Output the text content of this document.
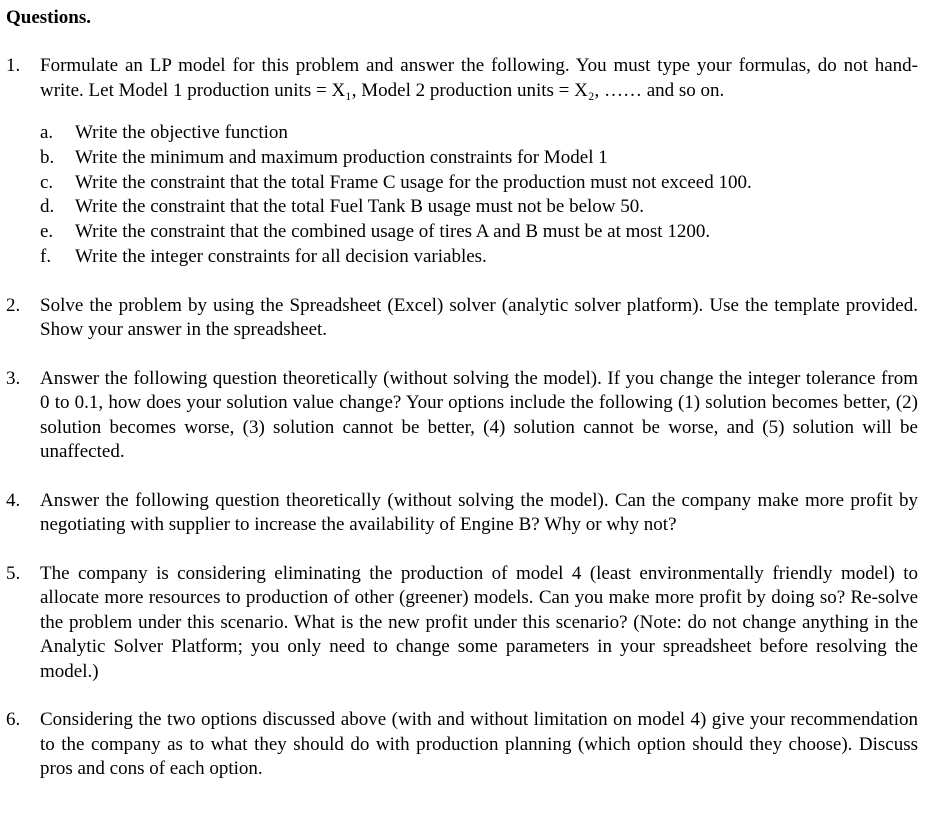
Questions.
1. Formulate an LP model for this problem and answer the following. You must type your formulas, do not hand-write. Let Model 1 production units = X₁, Model 2 production units = X₂, …… and so on.
a. Write the objective function
b. Write the minimum and maximum production constraints for Model 1
c. Write the constraint that the total Frame C usage for the production must not exceed 100.
d. Write the constraint that the total Fuel Tank B usage must not be below 50.
e. Write the constraint that the combined usage of tires A and B must be at most 1200.
f. Write the integer constraints for all decision variables.
2. Solve the problem by using the Spreadsheet (Excel) solver (analytic solver platform). Use the template provided. Show your answer in the spreadsheet.
3. Answer the following question theoretically (without solving the model). If you change the integer tolerance from 0 to 0.1, how does your solution value change? Your options include the following (1) solution becomes better, (2) solution becomes worse, (3) solution cannot be better, (4) solution cannot be worse, and (5) solution will be unaffected.
4. Answer the following question theoretically (without solving the model). Can the company make more profit by negotiating with supplier to increase the availability of Engine B? Why or why not?
5. The company is considering eliminating the production of model 4 (least environmentally friendly model) to allocate more resources to production of other (greener) models. Can you make more profit by doing so? Re-solve the problem under this scenario. What is the new profit under this scenario? (Note: do not change anything in the Analytic Solver Platform; you only need to change some parameters in your spreadsheet before resolving the model.)
6. Considering the two options discussed above (with and without limitation on model 4) give your recommendation to the company as to what they should do with production planning (which option should they choose). Discuss pros and cons of each option.
